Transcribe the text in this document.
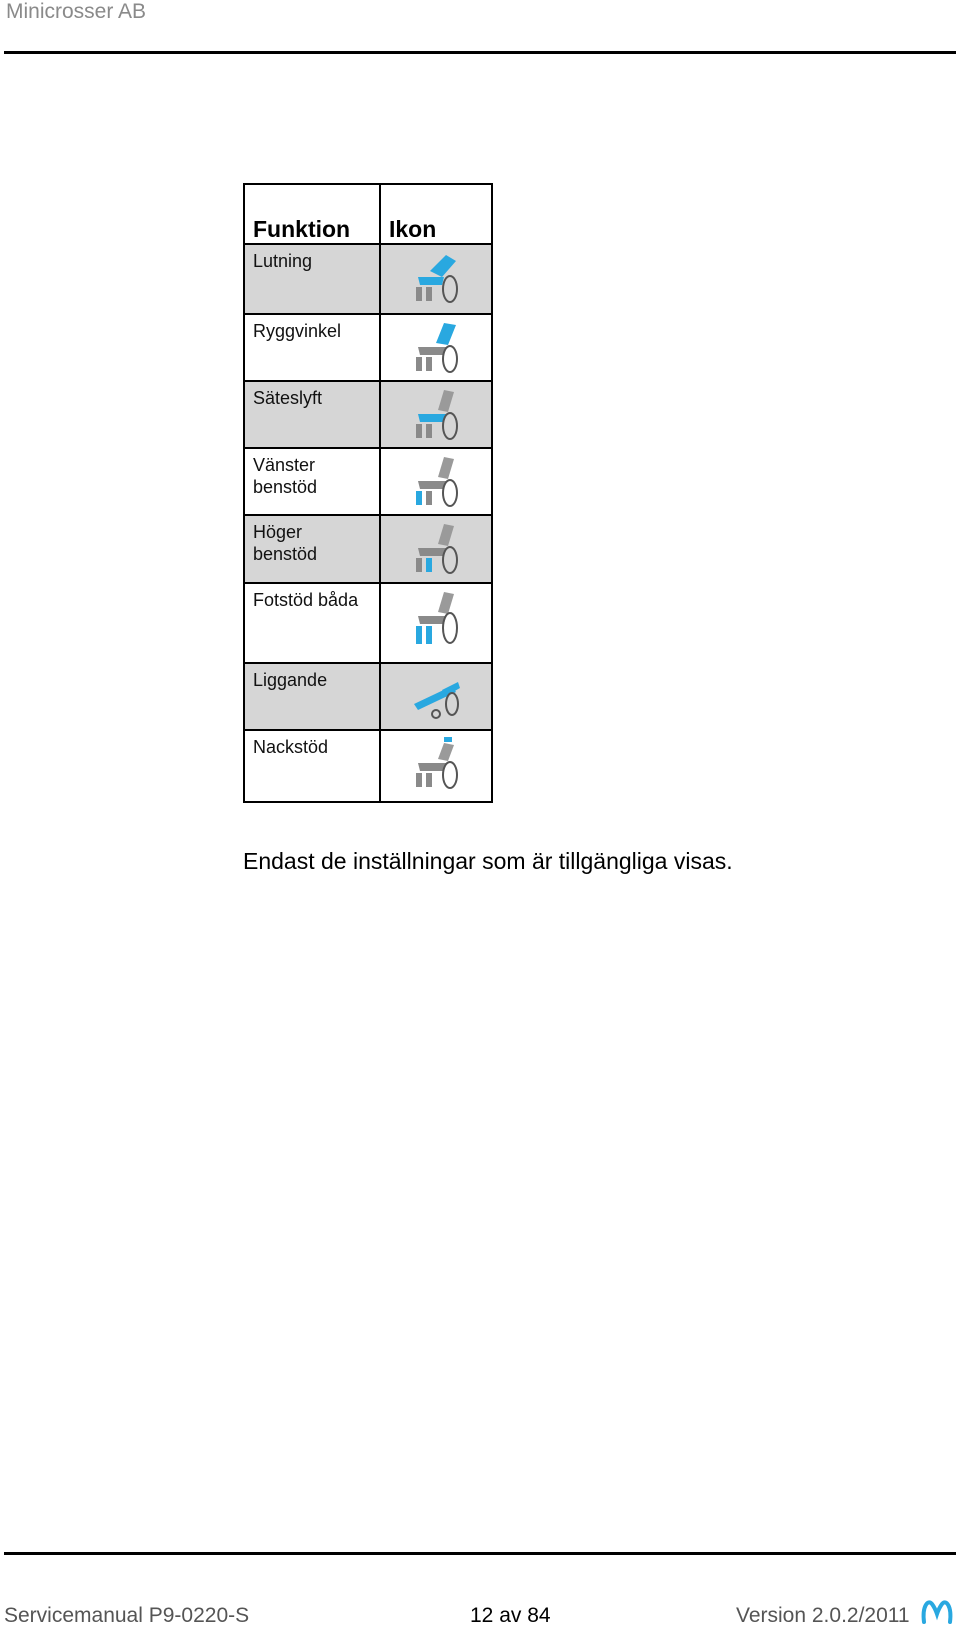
Minicrosser AB
Funktion	Ikon
Lutning	
Ryggvinkel	
Säteslyft	
Vänster
benstöd	
Höger
benstöd	
Fotstöd båda	
Liggande	
Nackstöd	
Endast de inställningar som är tillgängliga visas.
Servicemanual P9-0220-S	12 av 84	Version 2.0.2/2011
